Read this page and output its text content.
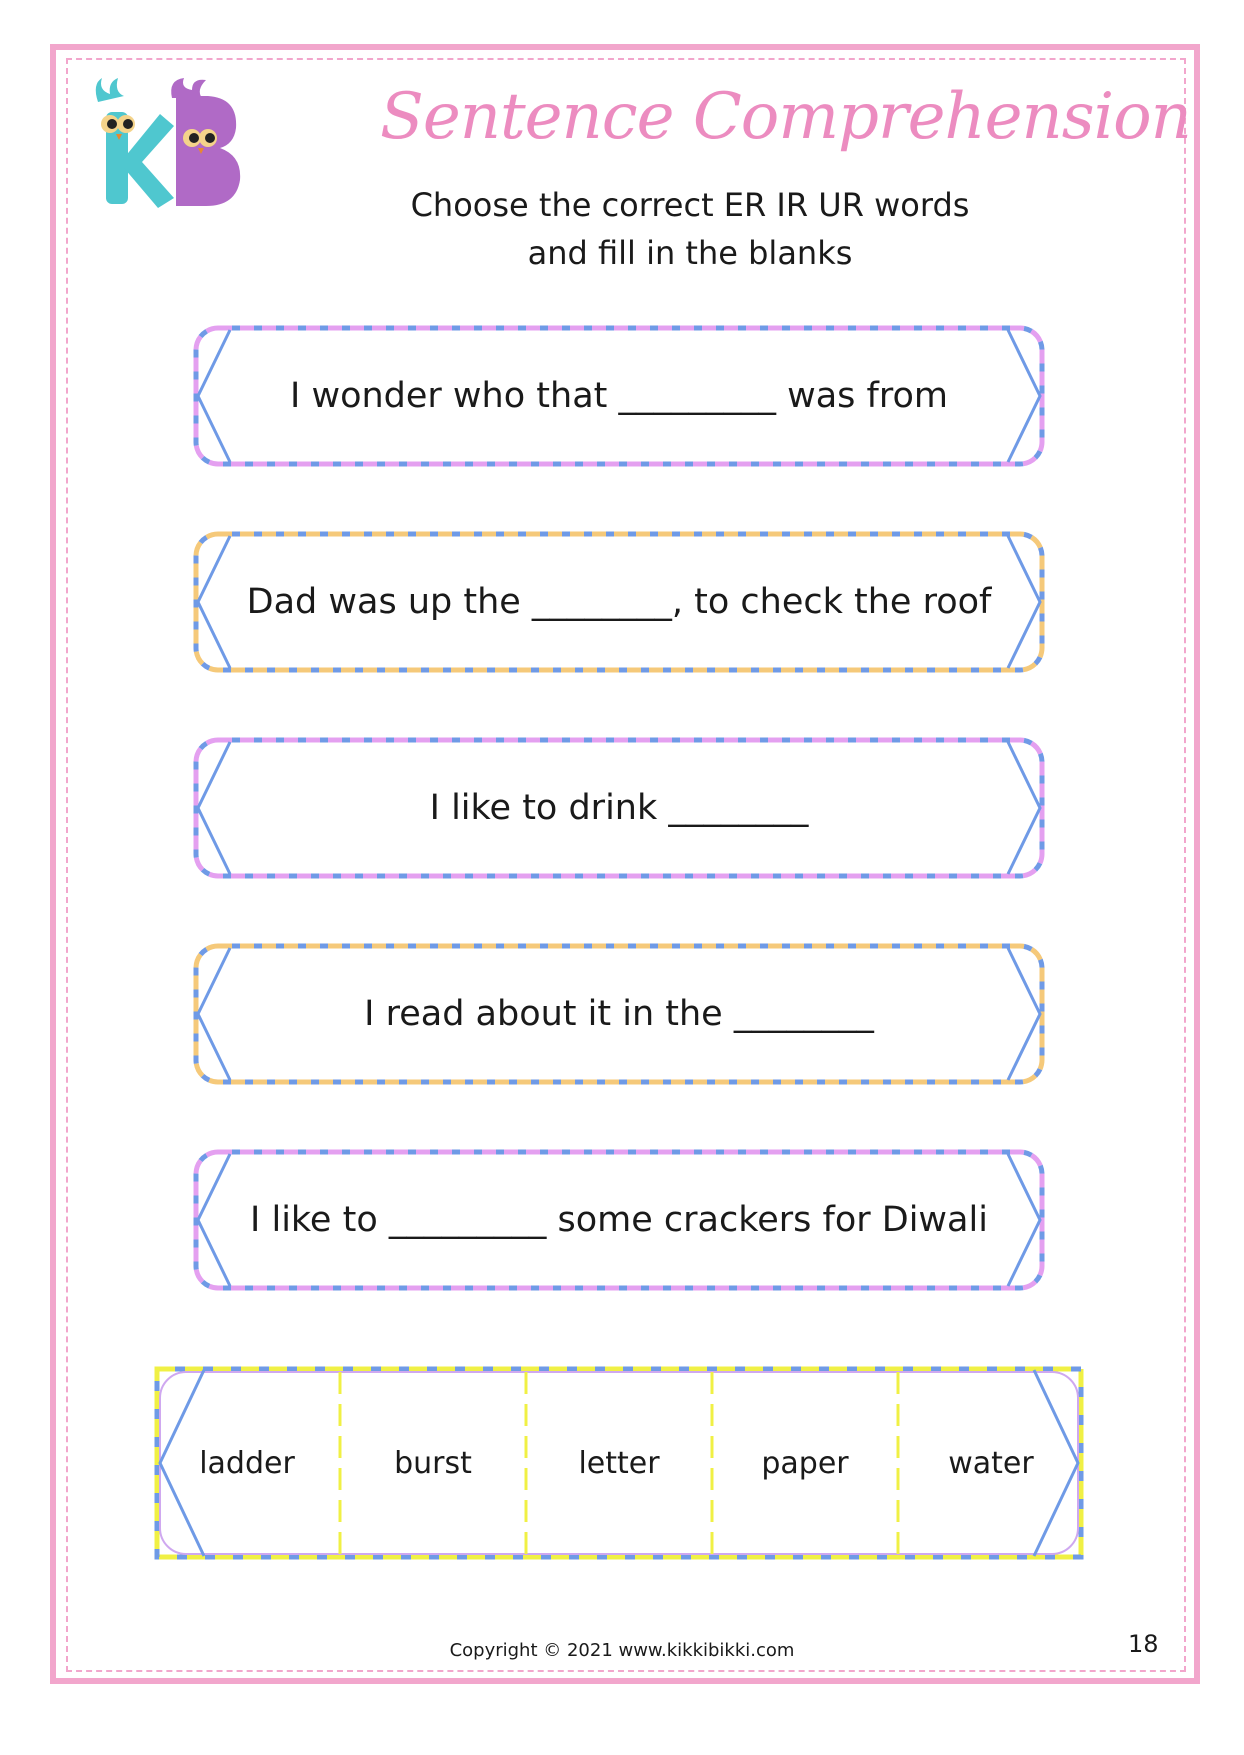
Sentence Comprehension
Choose the correct ER IR UR words
and fill in the blanks
I wonder who that _________ was from
Dad was up the ________, to check the roof
I like to drink ________
I read about it in the ________
I like to _________ some crackers for Diwali
ladder	burst	letter	paper	water
Copyright © 2021 www.kikkibikki.com	18
